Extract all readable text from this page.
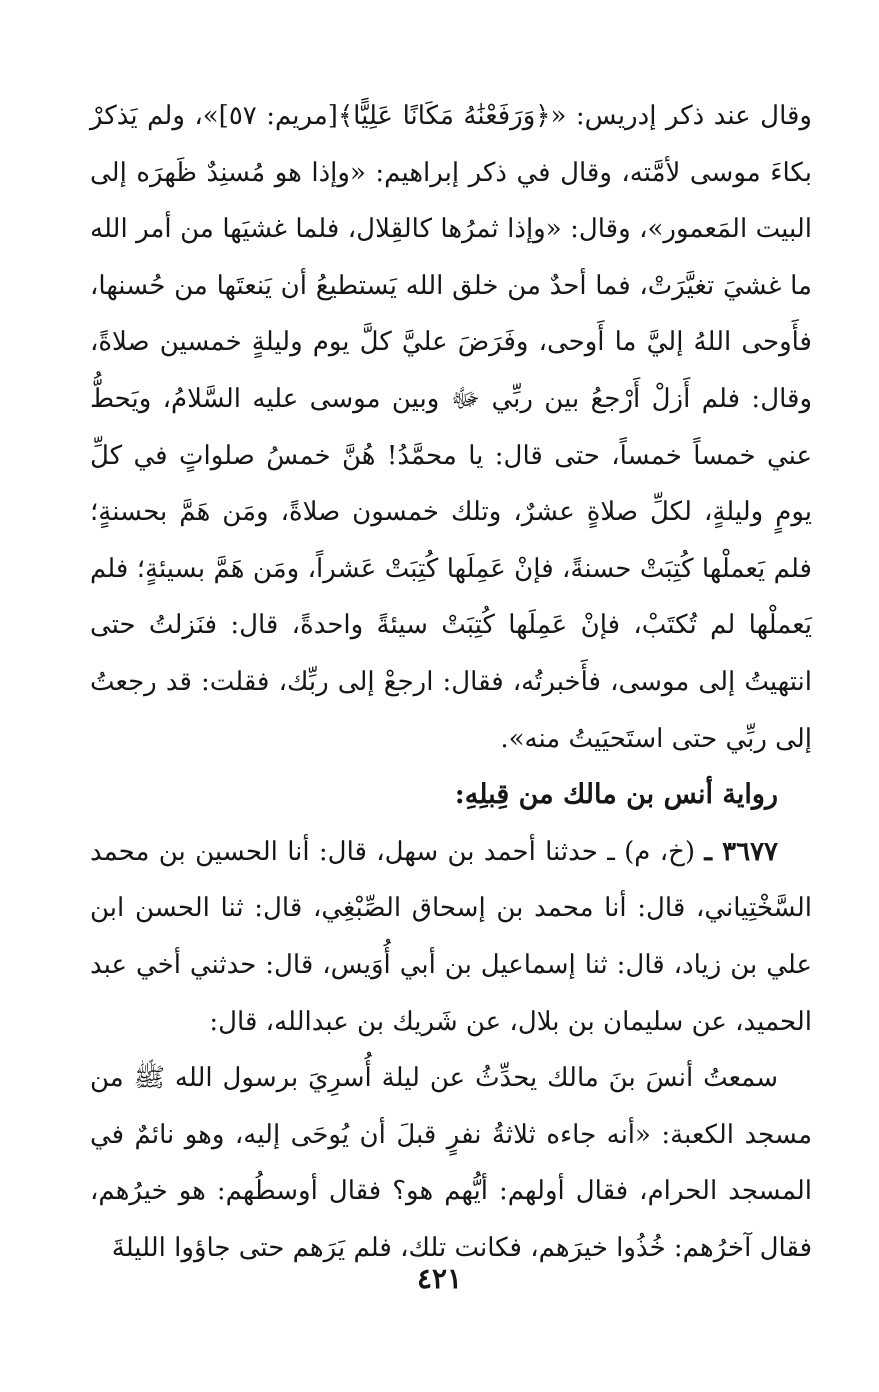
وقال عند ذكر إدريس: «﴿وَرَفَعْنَٰهُ مَكَانًا عَلِيًّا﴾[مريم: ٥٧]»، ولم يَذكرْ بكاءَ موسى لأمَّته، وقال في ذكر إبراهيم: «وإذا هو مُسنِدٌ ظَهرَه إلى البيت المَعمور»، وقال: «وإذا ثمرُها كالقِلال، فلما غشيَها من أمر الله ما غشيَ تغيَّرَتْ، فما أحدٌ من خلق الله يَستطيعُ أن يَنعتَها من حُسنها، فأَوحى اللهُ إليَّ ما أَوحى، وفَرَضَ عليَّ كلَّ يوم وليلةٍ خمسين صلاةً، وقال: فلم أَزلْ أَرْجعُ بين ربِّي ﷻ وبين موسى عليه السَّلامُ، ويَحطُّ عني خمساً خمساً، حتى قال: يا محمَّدُ! هُنَّ خمسُ صلواتٍ في كلِّ يومٍ وليلةٍ، لكلِّ صلاةٍ عشرٌ، وتلك خمسون صلاةً، ومَن هَمَّ بحسنةٍ؛ فلم يَعملْها كُتِبَتْ حسنةً، فإنْ عَمِلَها كُتِبَتْ عَشراً، ومَن هَمَّ بسيئةٍ؛ فلم يَعملْها لم تُكتَبْ، فإنْ عَمِلَها كُتِبَتْ سيئةً واحدةً، قال: فنَزلتُ حتى انتهيتُ إلى موسى، فأَخبرتُه، فقال: ارجعْ إلى ربِّك، فقلت: قد رجعتُ إلى ربِّي حتى استَحيَيتُ منه».

رواية أنس بن مالك من قِبلِهِ:

٣٦٧٧ ـ (خ، م) ـ حدثنا أحمد بن سهل، قال: أنا الحسين بن محمد السَّخْتِياني، قال: أنا محمد بن إسحاق الصِّبْغِي، قال: ثنا الحسن ابن علي بن زياد، قال: ثنا إسماعيل بن أبي أُوَيس، قال: حدثني أخي عبد الحميد، عن سليمان بن بلال، عن شَريك بن عبدالله، قال:

سمعتُ أنسَ بنَ مالك يحدِّثُ عن ليلة أُسرِيَ برسول الله ﷺ من مسجد الكعبة: «أنه جاءه ثلاثةُ نفرٍ قبلَ أن يُوحَى إليه، وهو نائمٌ في المسجد الحرام، فقال أولهم: أيُّهم هو؟ فقال أوسطُهم: هو خيرُهم، فقال آخرُهم: خُذُوا خيرَهم، فكانت تلك، فلم يَرَهم حتى جاؤوا الليلةَ

٤٢١
